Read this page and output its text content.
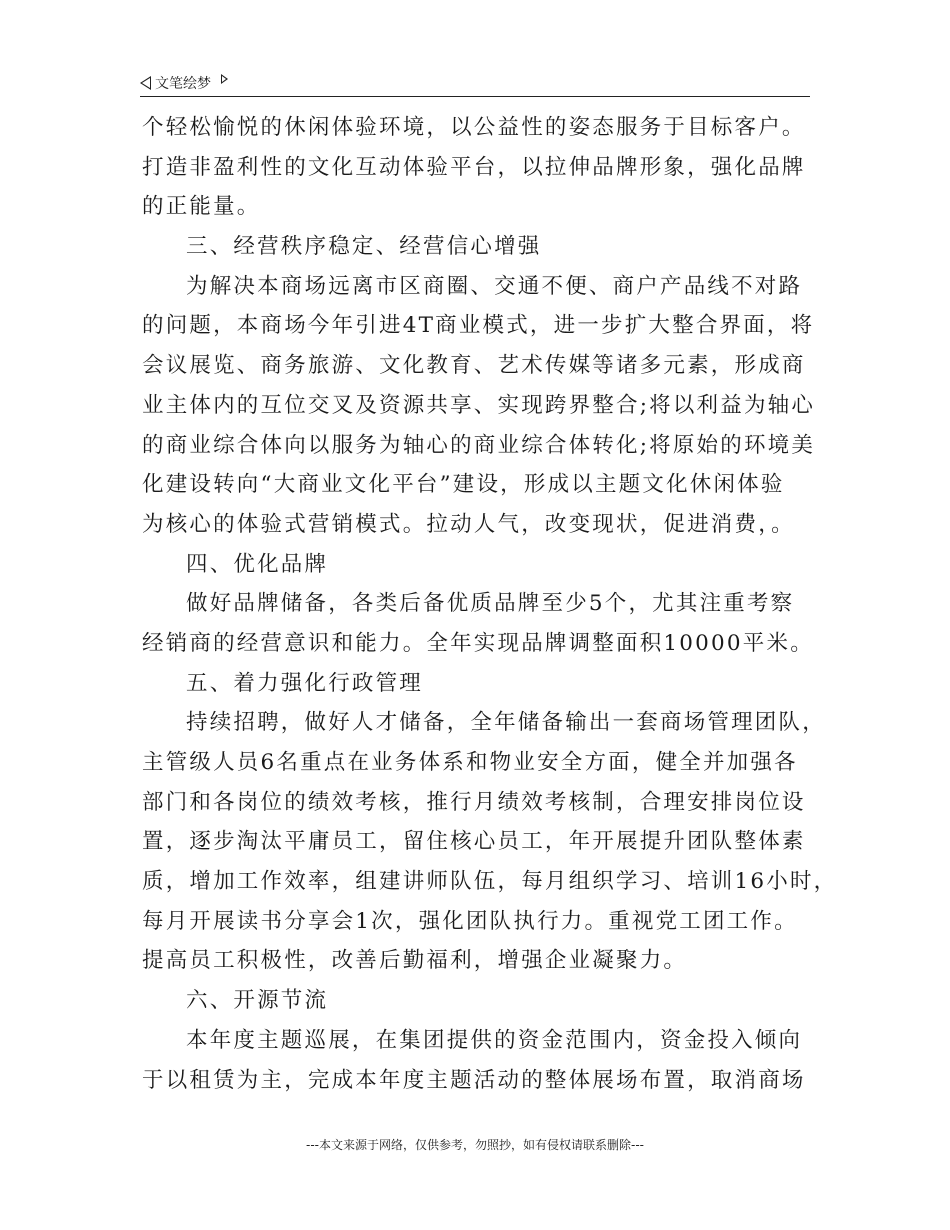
文笔绘梦
个轻松愉悦的休闲体验环境，以公益性的姿态服务于目标客户。
打造非盈利性的文化互动体验平台，以拉伸品牌形象，强化品牌
的正能量。
三、经营秩序稳定、经营信心增强
为解决本商场远离市区商圈、交通不便、商户产品线不对路
的问题，本商场今年引进4T商业模式，进一步扩大整合界面，将
会议展览、商务旅游、文化教育、艺术传媒等诸多元素，形成商
业主体内的互位交叉及资源共享、实现跨界整合;将以利益为轴心
的商业综合体向以服务为轴心的商业综合体转化;将原始的环境美
化建设转向“大商业文化平台”建设，形成以主题文化休闲体验
为核心的体验式营销模式。拉动人气，改变现状，促进消费，。
四、优化品牌
做好品牌储备，各类后备优质品牌至少5个，尤其注重考察
经销商的经营意识和能力。全年实现品牌调整面积10000平米。
五、着力强化行政管理
持续招聘，做好人才储备，全年储备输出一套商场管理团队，
主管级人员6名重点在业务体系和物业安全方面，健全并加强各
部门和各岗位的绩效考核，推行月绩效考核制，合理安排岗位设
置，逐步淘汰平庸员工，留住核心员工，年开展提升团队整体素
质，增加工作效率，组建讲师队伍，每月组织学习、培训16小时，
每月开展读书分享会1次，强化团队执行力。重视党工团工作。
提高员工积极性，改善后勤福利，增强企业凝聚力。
六、开源节流
本年度主题巡展，在集团提供的资金范围内，资金投入倾向
于以租赁为主，完成本年度主题活动的整体展场布置，取消商场
---本文来源于网络，仅供参考，勿照抄，如有侵权请联系删除---
